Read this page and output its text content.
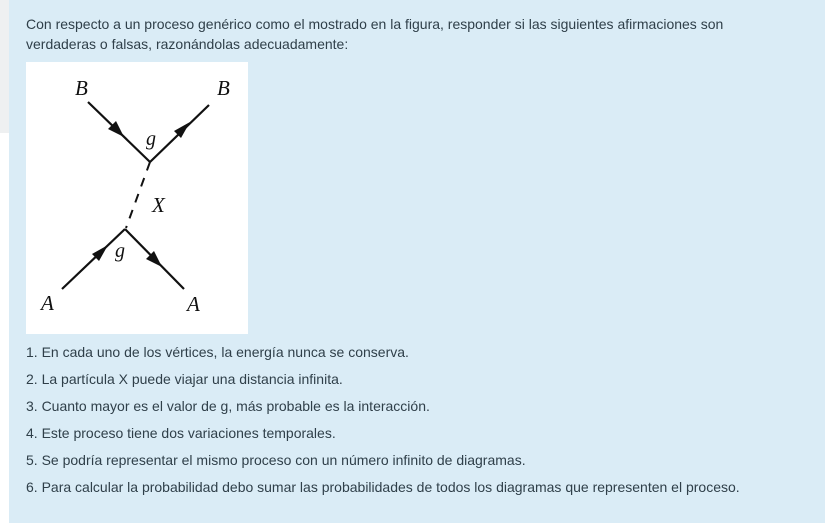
Con respecto a un proceso genérico como el mostrado en la figura, responder si las siguientes afirmaciones son verdaderas o falsas, razonándolas adecuadamente:

B	B
g
X
g
A	A
1. En cada uno de los vértices, la energía nunca se conserva.
2. La partícula X puede viajar una distancia infinita.
3. Cuanto mayor es el valor de g, más probable es la interacción.
4. Este proceso tiene dos variaciones temporales.
5. Se podría representar el mismo proceso con un número infinito de diagramas.
6. Para calcular la probabilidad debo sumar las probabilidades de todos los diagramas que representen el proceso.
